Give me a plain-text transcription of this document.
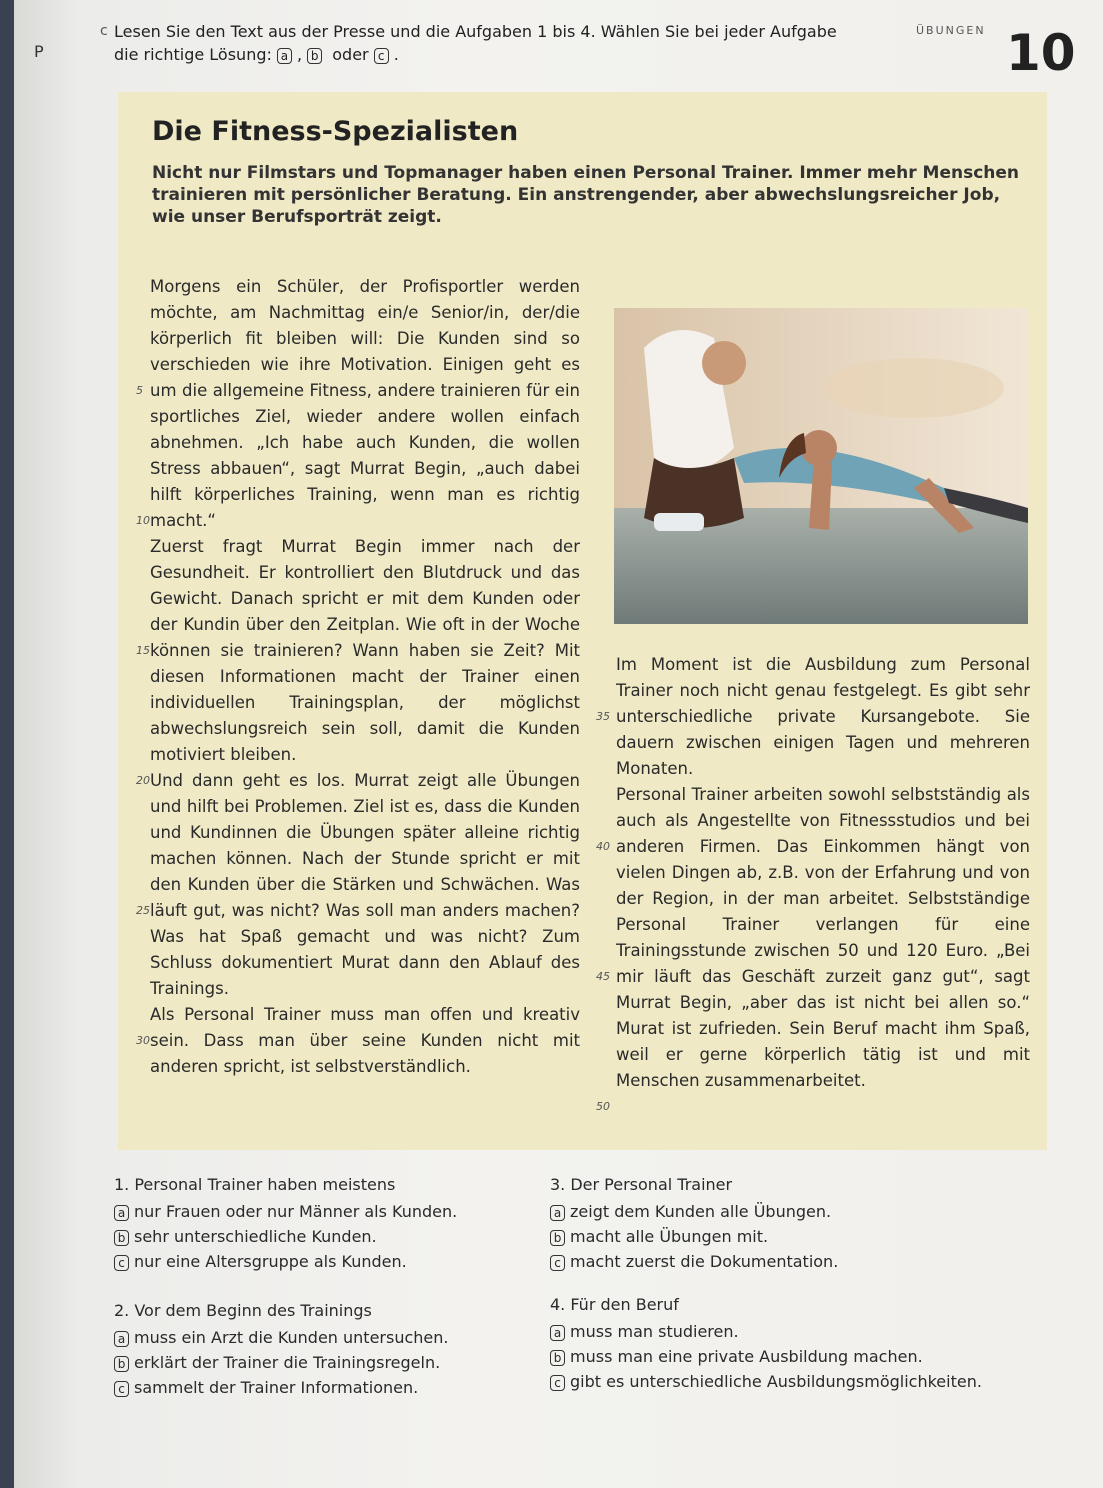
P
c Lesen Sie den Text aus der Presse und die Aufgaben 1 bis 4. Wählen Sie bei jeder Aufgabe
die richtige Lösung: a , b oder c .
ÜBUNGEN 10
Die Fitness-Spezialisten
Nicht nur Filmstars und Topmanager haben einen Personal Trainer. Immer mehr Menschen trainieren mit persönlicher Beratung. Ein anstrengender, aber abwechslungsreicher Job, wie unser Berufsporträt zeigt.
5
10
15
20
25
30

Morgens ein Schüler, der Profisportler werden möchte, am Nachmittag ein/e Senior/in, der/die körperlich fit bleiben will: Die Kunden sind so verschieden wie ihre Motivation. Einigen geht es um die allgemeine Fitness, andere trainieren für ein sportliches Ziel, wieder andere wollen einfach abnehmen. „Ich habe auch Kunden, die wollen Stress abbauen“, sagt Murrat Begin, „auch dabei hilft körperliches Training, wenn man es richtig macht.“

Zuerst fragt Murrat Begin immer nach der Gesundheit. Er kontrolliert den Blutdruck und das Gewicht. Danach spricht er mit dem Kunden oder der Kundin über den Zeitplan. Wie oft in der Woche können sie trainieren? Wann haben sie Zeit? Mit diesen Informationen macht der Trainer einen individuellen Trainingsplan, der möglichst abwechslungsreich sein soll, damit die Kunden motiviert bleiben.

Und dann geht es los. Murrat zeigt alle Übungen und hilft bei Problemen. Ziel ist es, dass die Kunden und Kundinnen die Übungen später alleine richtig machen können. Nach der Stunde spricht er mit den Kunden über die Stärken und Schwächen. Was läuft gut, was nicht? Was soll man anders machen? Was hat Spaß gemacht und was nicht? Zum Schluss dokumentiert Murat dann den Ablauf des Trainings.

Als Personal Trainer muss man offen und kreativ sein. Dass man über seine Kunden nicht mit anderen spricht, ist selbstverständlich.

35
40
45
50

Im Moment ist die Ausbildung zum Personal Trainer noch nicht genau festgelegt. Es gibt sehr unterschiedliche private Kursangebote. Sie dauern zwischen einigen Tagen und mehreren Monaten.

Personal Trainer arbeiten sowohl selbstständig als auch als Angestellte von Fitnessstudios und bei anderen Firmen. Das Einkommen hängt von vielen Dingen ab, z.B. von der Erfahrung und von der Region, in der man arbeitet. Selbstständige Personal Trainer verlangen für eine Trainingsstunde zwischen 50 und 120 Euro. „Bei mir läuft das Geschäft zurzeit ganz gut“, sagt Murrat Begin, „aber das ist nicht bei allen so.“ Murat ist zufrieden. Sein Beruf macht ihm Spaß, weil er gerne körperlich tätig ist und mit Menschen zusammenarbeitet.

1. Personal Trainer haben meistens
a nur Frauen oder nur Männer als Kunden.
b sehr unterschiedliche Kunden.
c nur eine Altersgruppe als Kunden.
2. Vor dem Beginn des Trainings
a muss ein Arzt die Kunden untersuchen.
b erklärt der Trainer die Trainingsregeln.
c sammelt der Trainer Informationen.
3. Der Personal Trainer
a zeigt dem Kunden alle Übungen.
b macht alle Übungen mit.
c macht zuerst die Dokumentation.
4. Für den Beruf
a muss man studieren.
b muss man eine private Ausbildung machen.
c gibt es unterschiedliche Ausbildungsmöglichkeiten.
